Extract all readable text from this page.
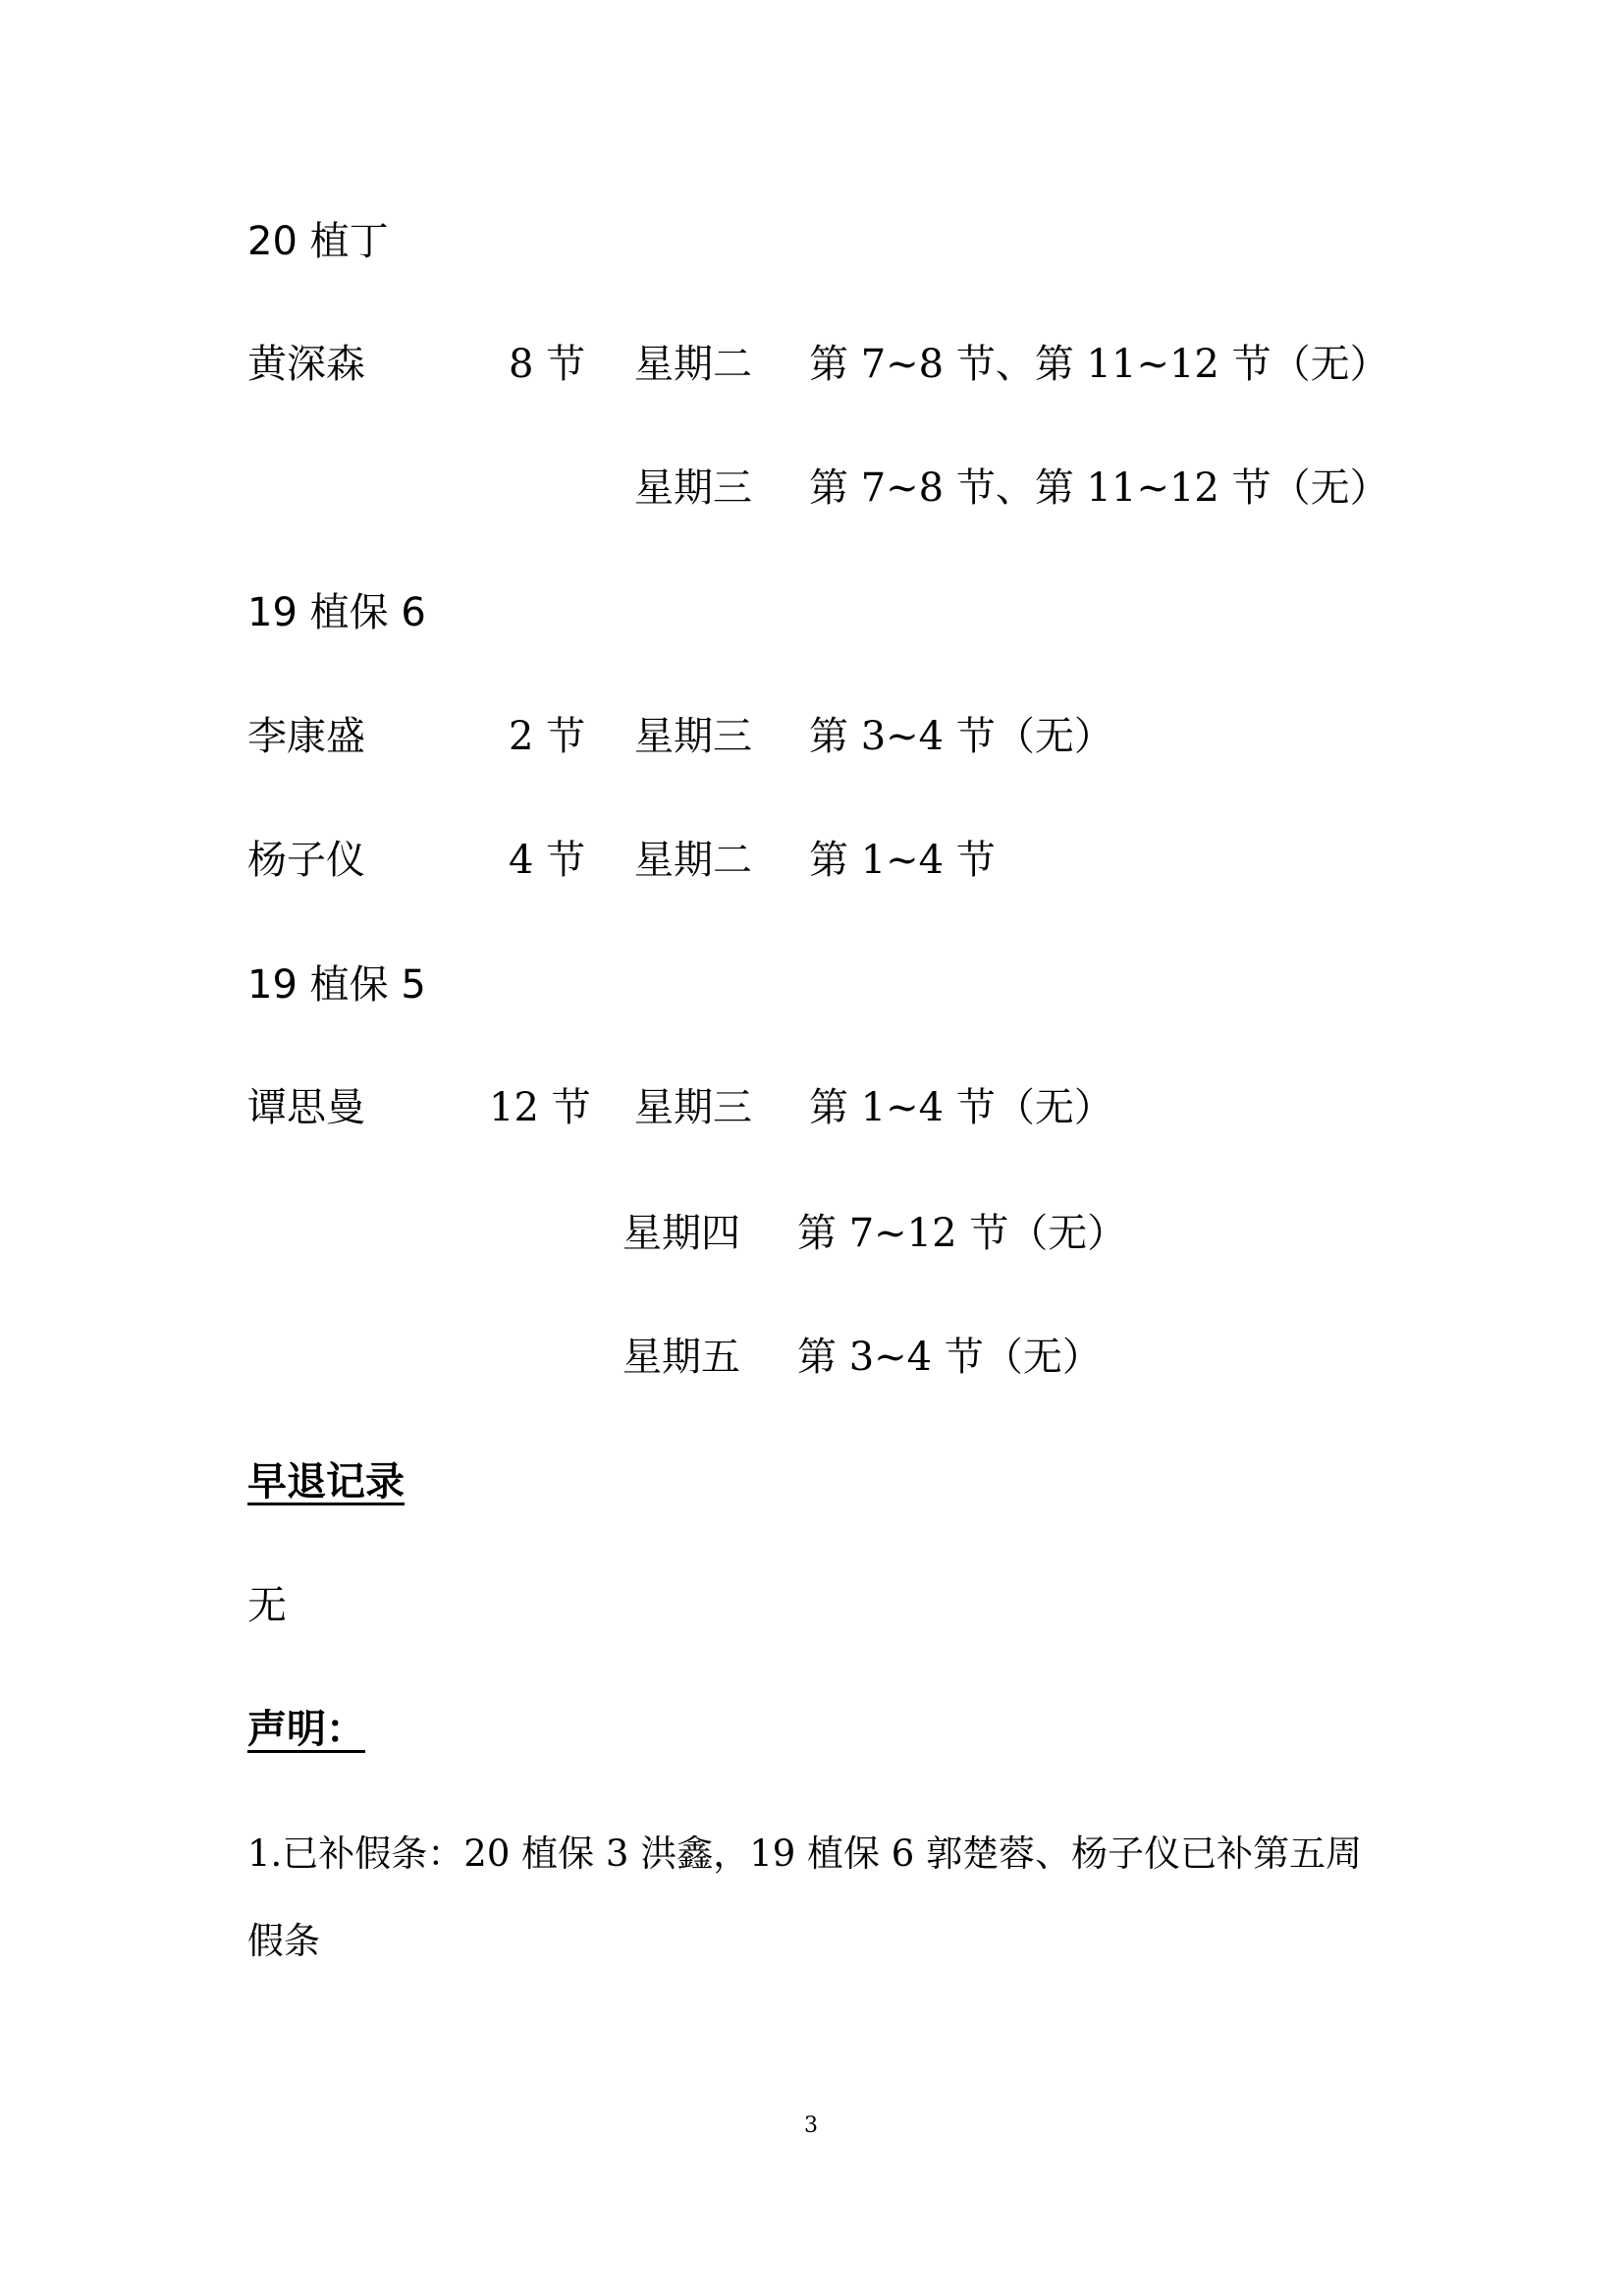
20 植丁
黄深森	8 节 星期二 第 7~8 节、第 11~12 节（无）
星期三 第 7~8 节、第 11~12 节（无）
19 植保 6
李康盛	2 节 星期三 第 3~4 节（无）
杨子仪	4 节 星期二 第 1~4 节
19 植保 5
谭思曼	12 节 星期三 第 1~4 节（无）
星期四 第 7~12 节（无）
星期五 第 3~4 节（无）
早退记录
无
声明：
1.已补假条：20 植保 3 洪鑫，19 植保 6 郭楚蓉、杨子仪已补第五周
假条
3
